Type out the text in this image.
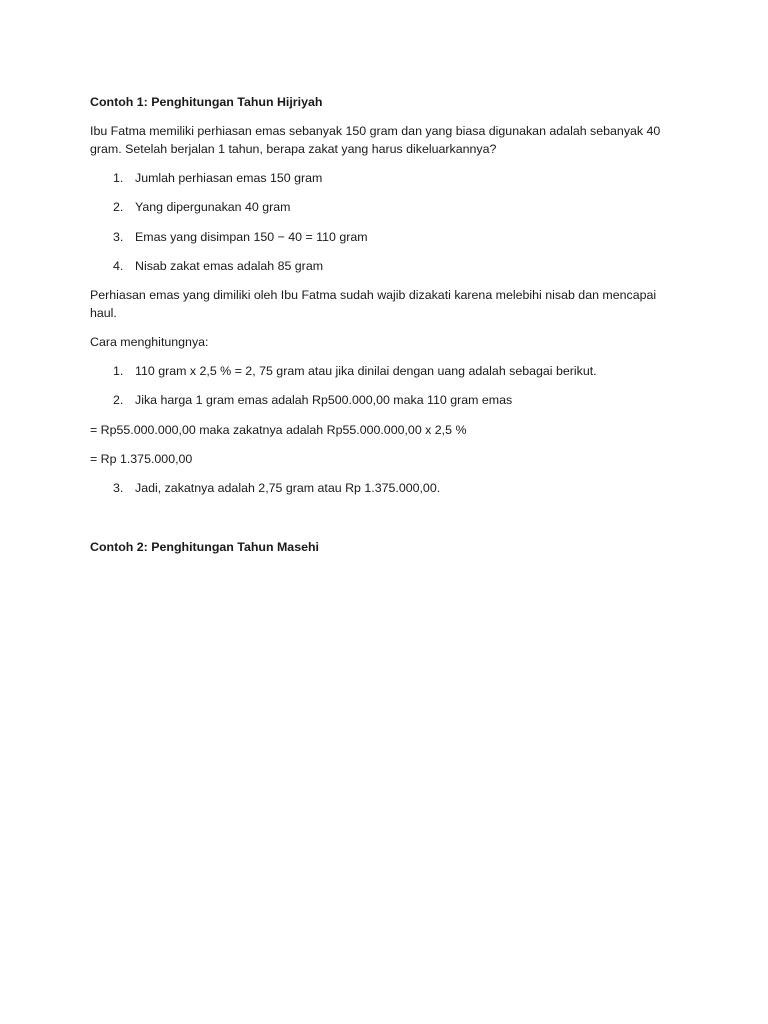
Contoh 1: Penghitungan Tahun Hijriyah

Ibu Fatma memiliki perhiasan emas sebanyak 150 gram dan yang biasa digunakan adalah sebanyak 40

gram. Setelah berjalan 1 tahun, berapa zakat yang harus dikeluarkannya?

1. Jumlah perhiasan emas 150 gram
2. Yang dipergunakan 40 gram
3. Emas yang disimpan 150 − 40 = 110 gram
4. Nisab zakat emas adalah 85 gram

Perhiasan emas yang dimiliki oleh Ibu Fatma sudah wajib dizakati karena melebihi nisab dan mencapai

haul.

Cara menghitungnya:

1. 110 gram x 2,5 % = 2, 75 gram atau jika dinilai dengan uang adalah sebagai berikut.
2. Jika harga 1 gram emas adalah Rp500.000,00 maka 110 gram emas

= Rp55.000.000,00 maka zakatnya adalah Rp55.000.000,00 x 2,5 %

= Rp 1.375.000,00

3. Jadi, zakatnya adalah 2,75 gram atau Rp 1.375.000,00.

Contoh 2: Penghitungan Tahun Masehi
